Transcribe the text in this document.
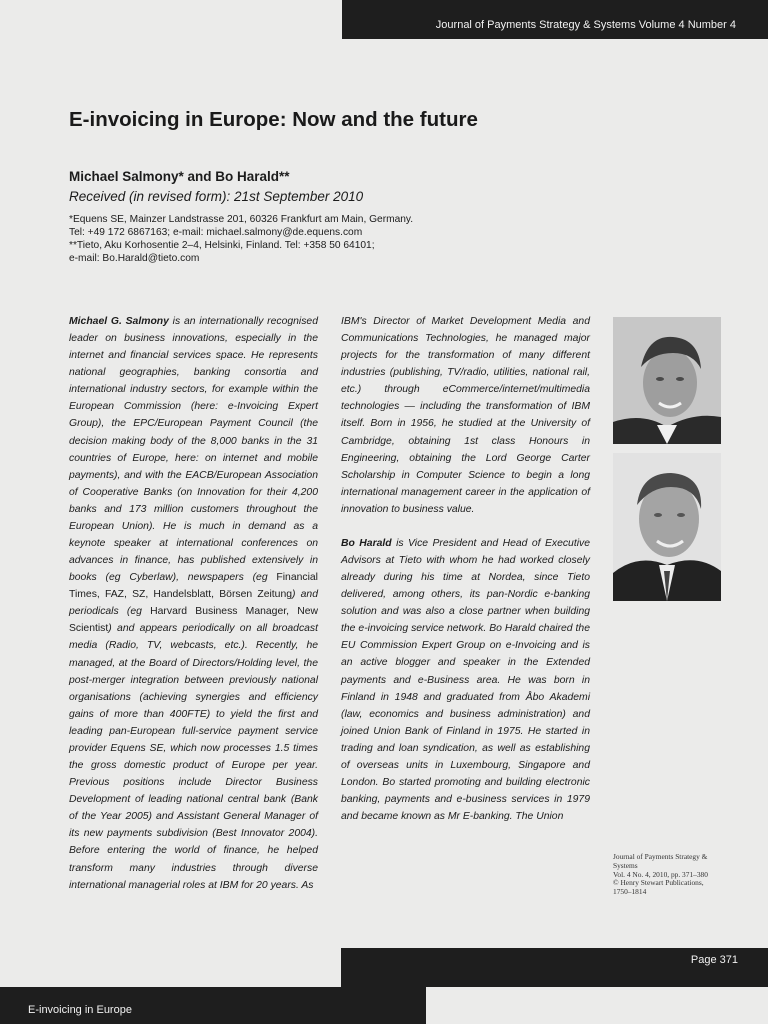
Journal of Payments Strategy & Systems Volume 4 Number 4
E-invoicing in Europe: Now and the future
Michael Salmony* and Bo Harald**
Received (in revised form): 21st September 2010
*Equens SE, Mainzer Landstrasse 201, 60326 Frankfurt am Main, Germany.
Tel: +49 172 6867163; e-mail: michael.salmony@de.equens.com
**Tieto, Aku Korhosentie 2–4, Helsinki, Finland. Tel: +358 50 64101;
e-mail: Bo.Harald@tieto.com
Michael G. Salmony is an internationally recognised leader on business innovations, especially in the internet and financial services space. He represents national geographies, banking consortia and international industry sectors, for example within the European Commission (here: e-Invoicing Expert Group), the EPC/European Payment Council (the decision making body of the 8,000 banks in the 31 countries of Europe, here: on internet and mobile payments), and with the EACB/European Association of Cooperative Banks (on Innovation for their 4,200 banks and 173 million customers throughout the European Union). He is much in demand as a keynote speaker at international conferences on advances in finance, has published extensively in books (eg Cyberlaw), newspapers (eg Financial Times, FAZ, SZ, Handelsblatt, Börsen Zeitung) and periodicals (eg Harvard Business Manager, New Scientist) and appears periodically on all broadcast media (Radio, TV, webcasts, etc.). Recently, he managed, at the Board of Directors/Holding level, the post-merger integration between previously national organisations (achieving synergies and efficiency gains of more than 400FTE) to yield the first and leading pan-European full-service payment service provider Equens SE, which now processes 1.5 times the gross domestic product of Europe per year. Previous positions include Director Business Development of leading national central bank (Bank of the Year 2005) and Assistant General Manager of its new payments subdivision (Best Innovator 2004). Before entering the world of finance, he helped transform many industries through diverse international managerial roles at IBM for 20 years. As
IBM's Director of Market Development Media and Communications Technologies, he managed major projects for the transformation of many different industries (publishing, TV/radio, utilities, national rail, etc.) through eCommerce/internet/multimedia technologies — including the transformation of IBM itself. Born in 1956, he studied at the University of Cambridge, obtaining 1st class Honours in Engineering, obtaining the Lord George Carter Scholarship in Computer Science to begin a long international management career in the application of innovation to business value.
Bo Harald is Vice President and Head of Executive Advisors at Tieto with whom he had worked closely already during his time at Nordea, since Tieto delivered, among others, its pan-Nordic e-banking solution and was also a close partner when building the e-invoicing service network. Bo Harald chaired the EU Commission Expert Group on e-Invoicing and is an active blogger and speaker in the Extended payments and e-Business area. He was born in Finland in 1948 and graduated from Åbo Akademi (law, economics and business administration) and joined Union Bank of Finland in 1975. He started in trading and loan syndication, as well as establishing of overseas units in Luxembourg, Singapore and London. Bo started promoting and building electronic banking, payments and e-business services in 1979 and became known as Mr E-banking. The Union
Journal of Payments Strategy &
Systems
Vol. 4 No. 4, 2010, pp. 371–380
© Henry Stewart Publications,
1750–1814
Page 371
E-invoicing in Europe
